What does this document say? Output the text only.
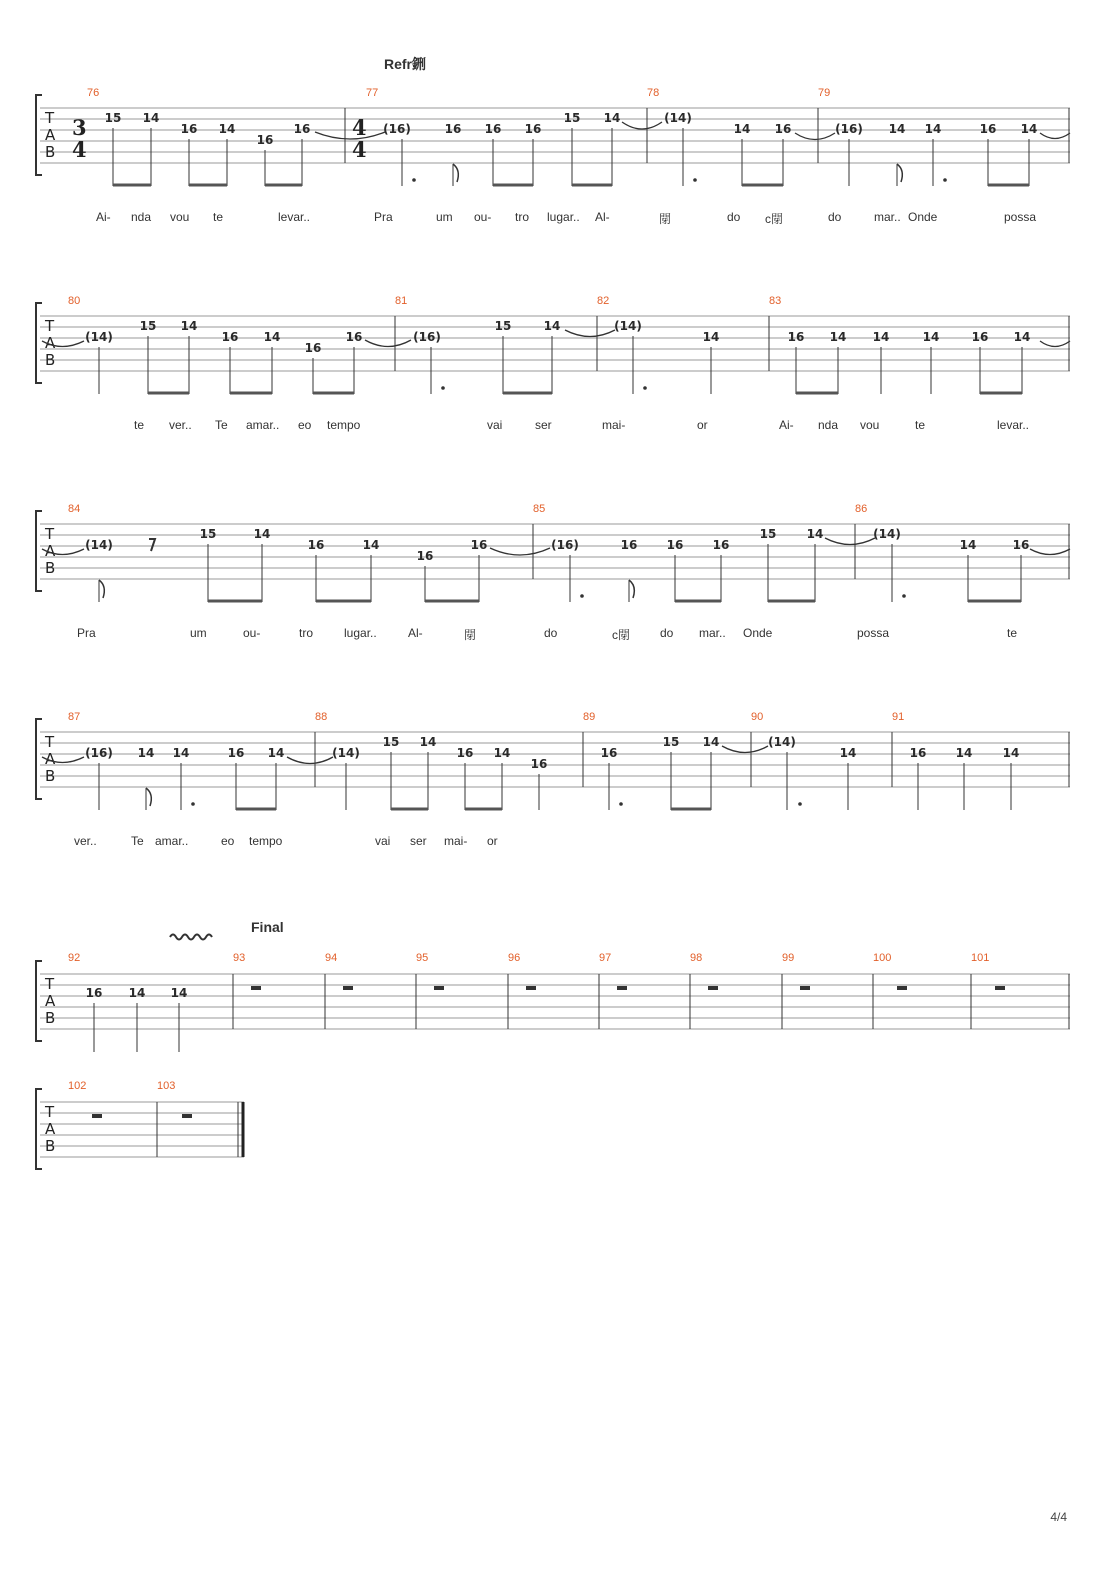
Refr鉶
Final
T
A
B
3
4
4
4
76	77	78	79
15 14
16 14
16
16	(16)	16 16 16
15 14	(14)
14 16	(16) 14 14	16 14
Ai- nda vou te	levar..	Pra	um ou- tro lugar.. Al-	閕	do c閕	do	mar.. Onde	possa
T
A
B
80	81	82	83
(14)
15 14
16 14
16
16	(16)
15	14	(14)
14	16 14 14	14	16 14
te ver.. Te amar.. eo tempo	vai	ser	mai-	or	Ai- nda vou	te	levar..
T
A
B
84	85	86
(14)
15	14
16	14
16
16	(16)	16 16 16
15	14	(14)
14	16
Pra	um	ou-	tro	lugar..	Al-	閕	do	c閕 do mar.. Onde	possa	te
T
A
B
87	88	89	90	91
(16) 14 14	16 14	(14)
15 14
16 14
16
16
15 14	(14)
14	16 14	14
ver..	Te amar..	eo tempo	vai ser mai- or
T
A
B
92	93	94	95	96	97	98	99	100	101
16 14 14
T
A
B
102	103
4/4
